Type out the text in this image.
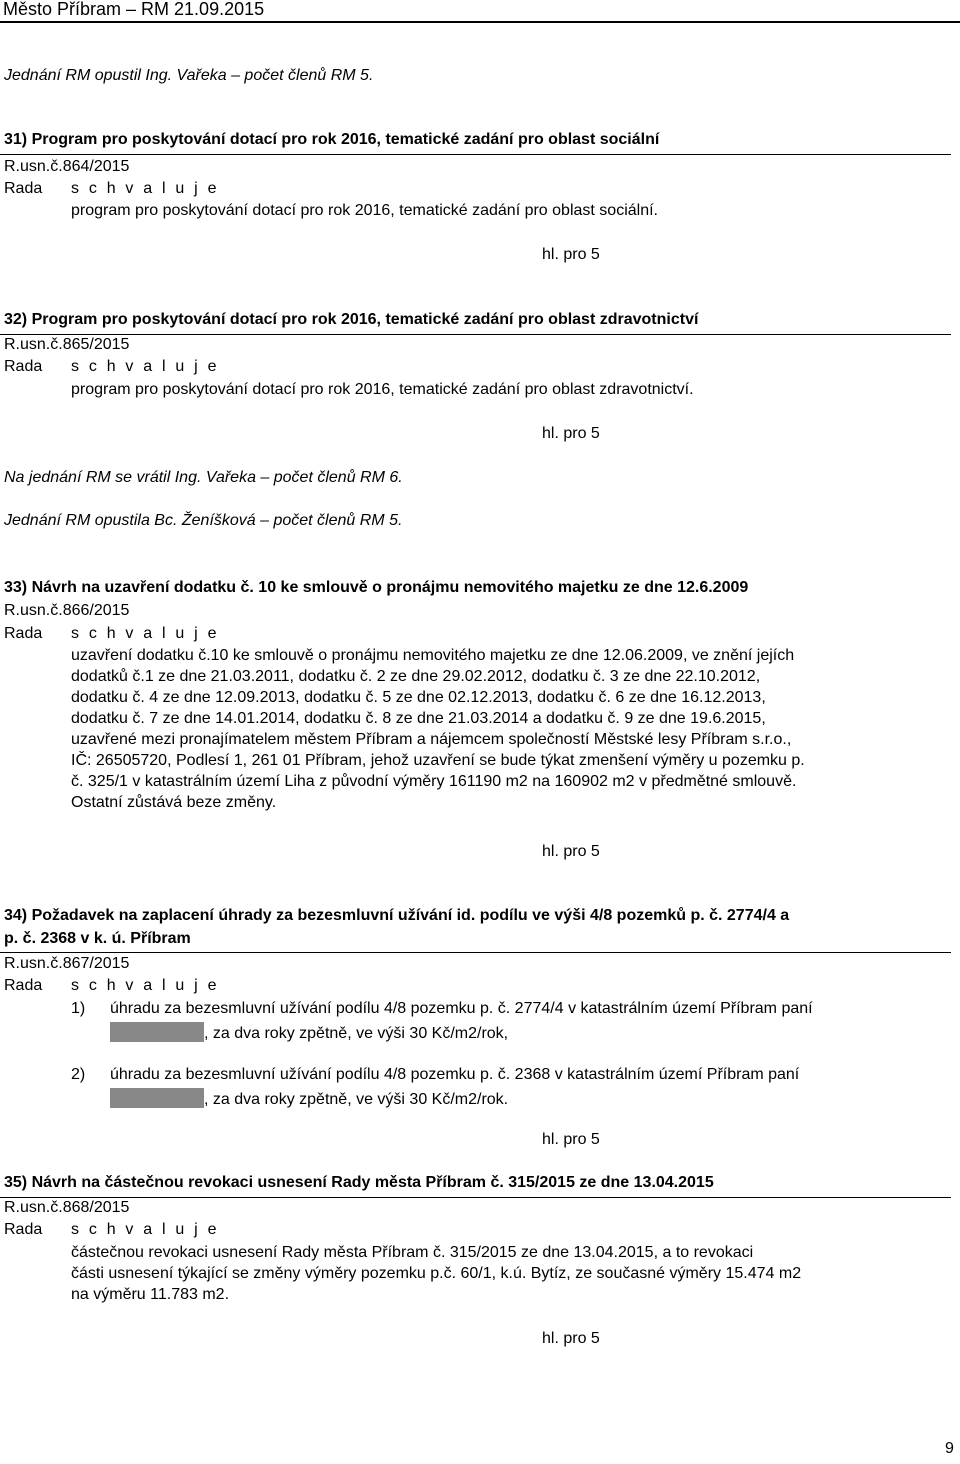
Město Příbram – RM 21.09.2015
Jednání RM opustil Ing. Vařeka – počet členů RM 5.
31) Program pro poskytování dotací pro rok 2016, tematické zadání pro oblast sociální
R.usn.č.864/2015
Rada s c h v a l u j e
program pro poskytování dotací pro rok 2016, tematické zadání pro oblast sociální.
hl. pro 5
32) Program pro poskytování dotací pro rok 2016, tematické zadání pro oblast zdravotnictví
R.usn.č.865/2015
Rada s c h v a l u j e
program pro poskytování dotací pro rok 2016, tematické zadání pro oblast zdravotnictví.
hl. pro 5
Na jednání RM se vrátil Ing. Vařeka – počet členů RM 6.
Jednání RM opustila Bc. Ženíšková – počet členů RM 5.
33) Návrh na uzavření dodatku č. 10 ke smlouvě o pronájmu nemovitého majetku ze dne 12.6.2009
R.usn.č.866/2015
Rada s c h v a l u j e
uzavření dodatku č.10 ke smlouvě o pronájmu nemovitého majetku ze dne 12.06.2009, ve znění jejích
dodatků č.1 ze dne 21.03.2011, dodatku č. 2 ze dne 29.02.2012, dodatku č. 3 ze dne 22.10.2012,
dodatku č. 4 ze dne 12.09.2013, dodatku č. 5 ze dne 02.12.2013, dodatku č. 6 ze dne 16.12.2013,
dodatku č. 7 ze dne 14.01.2014, dodatku č. 8 ze dne 21.03.2014 a dodatku č. 9 ze dne 19.6.2015,
uzavřené mezi pronajímatelem městem Příbram a nájemcem společností Městské lesy Příbram s.r.o.,
IČ: 26505720, Podlesí 1, 261 01 Příbram, jehož uzavření se bude týkat zmenšení výměry u pozemku p.
č. 325/1 v katastrálním území Liha z původní výměry 161190 m2 na 160902 m2 v předmětné smlouvě.
Ostatní zůstává beze změny.
hl. pro 5
34) Požadavek na zaplacení úhrady za bezesmluvní užívání id. podílu ve výši 4/8 pozemků p. č. 2774/4 a
p. č. 2368 v k. ú. Příbram
R.usn.č.867/2015
Rada s c h v a l u j e
1) úhradu za bezesmluvní užívání podílu 4/8 pozemku p. č. 2774/4 v katastrálním území Příbram paní
, za dva roky zpětně, ve výši 30 Kč/m2/rok,
2) úhradu za bezesmluvní užívání podílu 4/8 pozemku p. č. 2368 v katastrálním území Příbram paní
, za dva roky zpětně, ve výši 30 Kč/m2/rok.
hl. pro 5
35) Návrh na částečnou revokaci usnesení Rady města Příbram č. 315/2015 ze dne 13.04.2015
R.usn.č.868/2015
Rada s c h v a l u j e
částečnou revokaci usnesení Rady města Příbram č. 315/2015 ze dne 13.04.2015, a to revokaci
části usnesení týkající se změny výměry pozemku p.č. 60/1, k.ú. Bytíz, ze současné výměry 15.474 m2
na výměru 11.783 m2.
hl. pro 5
9
